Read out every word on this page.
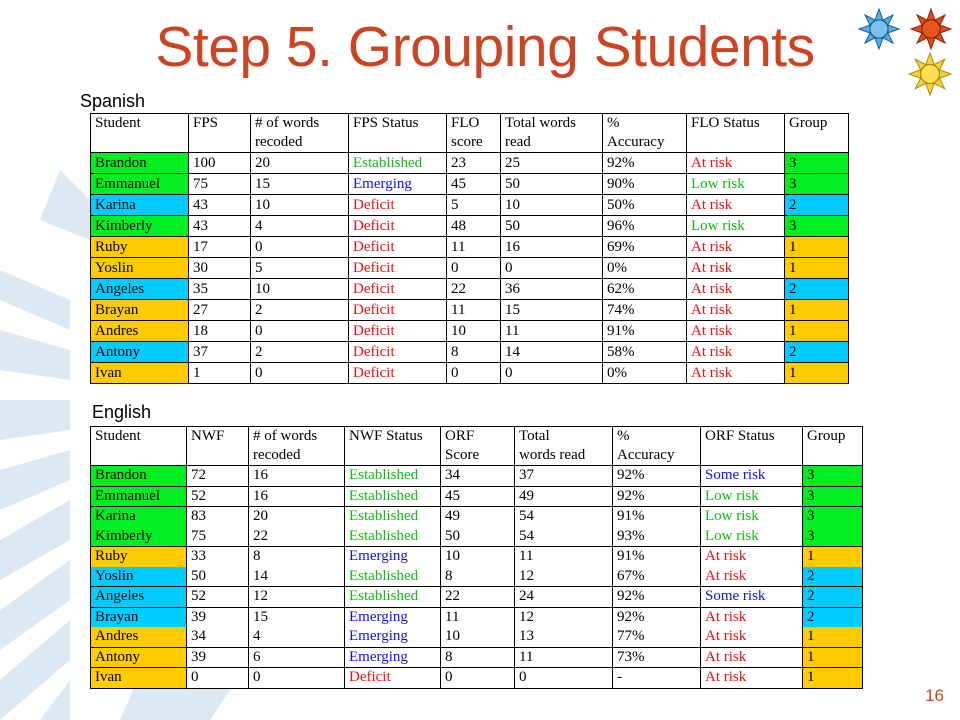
Step 5. Grouping Students
Spanish
English
Student	FPS	# of words	FPS Status	FLO	Total words	%	FLO Status	Group
		recoded		score	read	Accuracy		
Brandon	100	20	Established	23	25	92%	At risk	3
Emmanuel	75	15	Emerging	45	50	90%	Low risk	3
Karina	43	10	Deficit	5	10	50%	At risk	2
Kimberly	43	4	Deficit	48	50	96%	Low risk	3
Ruby	17	0	Deficit	11	16	69%	At risk	1
Yoslin	30	5	Deficit	0	0	0%	At risk	1
Angeles	35	10	Deficit	22	36	62%	At risk	2
Brayan	27	2	Deficit	11	15	74%	At risk	1
Andres	18	0	Deficit	10	11	91%	At risk	1
Antony	37	2	Deficit	8	14	58%	At risk	2
Ivan	1	0	Deficit	0	0	0%	At risk	1
Student	NWF	# of words	NWF Status	ORF	Total	%	ORF Status	Group
		recoded		Score	words read	Accuracy		
Brandon	72	16	Established	34	37	92%	Some risk	3
Emmanuel	52	16	Established	45	49	92%	Low risk	3
Karina	83	20	Established	49	54	91%	Low risk	3
Kimberly	75	22	Established	50	54	93%	Low risk	3
Ruby	33	8	Emerging	10	11	91%	At risk	1
Yoslin	50	14	Established	8	12	67%	At risk	2
Angeles	52	12	Established	22	24	92%	Some risk	2
Brayan	39	15	Emerging	11	12	92%	At risk	2
Andres	34	4	Emerging	10	13	77%	At risk	1
Antony	39	6	Emerging	8	11	73%	At risk	1
Ivan	0	0	Deficit	0	0	-	At risk	1
16
